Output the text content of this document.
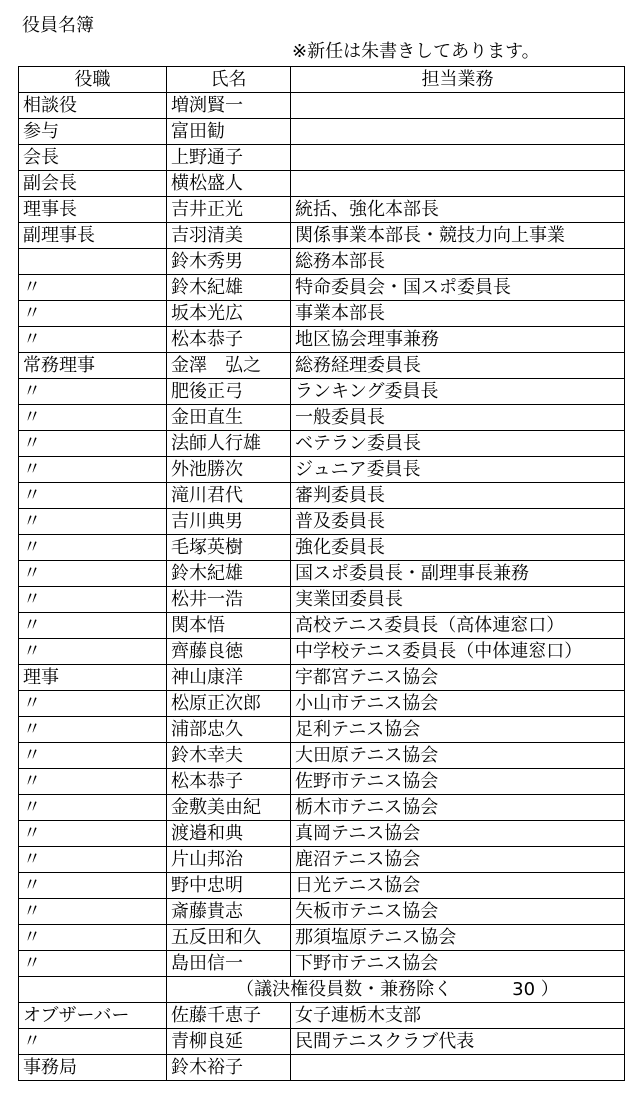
役員名簿
※新任は朱書きしてあります。
役職	氏名	担当業務
相談役	増渕賢一	
参与	富田勧	
会長	上野通子	
副会長	横松盛人	
理事長	吉井正光	統括、強化本部長
副理事長	吉羽清美	関係事業本部長・競技力向上事業
	鈴木秀男	総務本部長
〃	鈴木紀雄	特命委員会・国スポ委員長
〃	坂本光広	事業本部長
〃	松本恭子	地区協会理事兼務
常務理事	金澤　弘之	総務経理委員長
〃	肥後正弓	ランキング委員長
〃	金田直生	一般委員長
〃	法師人行雄	ベテラン委員長
〃	外池勝次	ジュニア委員長
〃	滝川君代	審判委員長
〃	吉川典男	普及委員長
〃	毛塚英樹	強化委員長
〃	鈴木紀雄	国スポ委員長・副理事長兼務
〃	松井一浩	実業団委員長
〃	関本悟	高校テニス委員長（高体連窓口）
〃	齊藤良徳	中学校テニス委員長（中体連窓口）
理事	神山康洋	宇都宮テニス協会
〃	松原正次郎	小山市テニス協会
〃	浦部忠久	足利テニス協会
〃	鈴木幸夫	大田原テニス協会
〃	松本恭子	佐野市テニス協会
〃	金敷美由紀	栃木市テニス協会
〃	渡邉和典	真岡テニス協会
〃	片山邦治	鹿沼テニス協会
〃	野中忠明	日光テニス協会
〃	斎藤貴志	矢板市テニス協会
〃	五反田和久	那須塩原テニス協会
〃	島田信一	下野市テニス協会
	（議決権役員数・兼務除く 30 ）	
オブザーバー	佐藤千恵子	女子連栃木支部
〃	青柳良延	民間テニスクラブ代表
事務局	鈴木裕子	
